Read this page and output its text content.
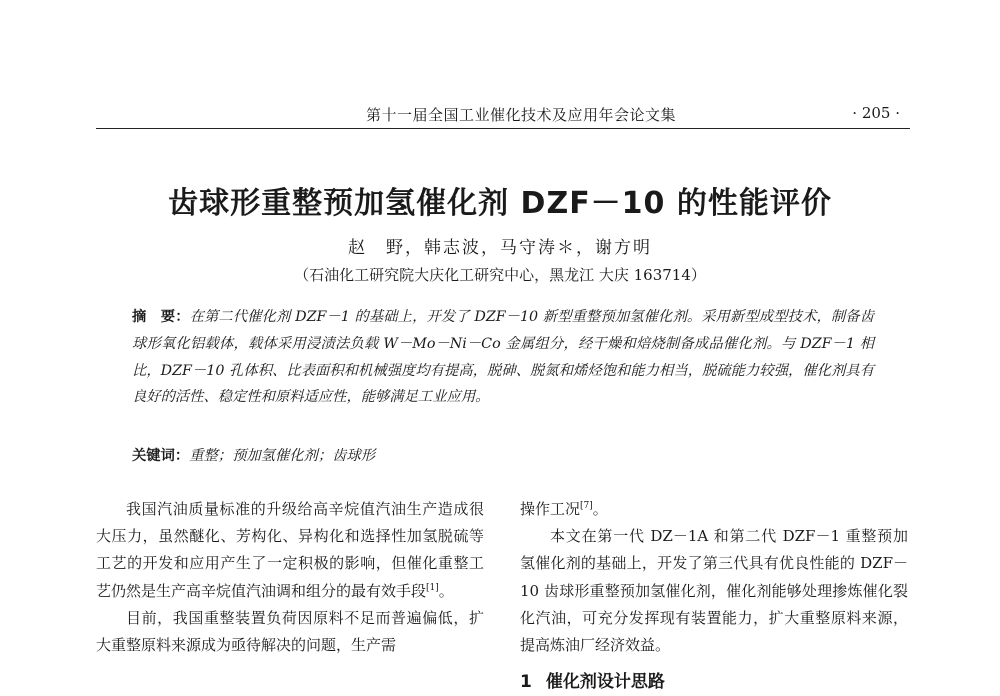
第十一届全国工业催化技术及应用年会论文集	· 205 ·
齿球形重整预加氢催化剂 DZF－10 的性能评价
赵　野，韩志波，马守涛＊，谢方明
（石油化工研究院大庆化工研究中心，黑龙江 大庆 163714）
摘　要：在第二代催化剂 DZF－1 的基础上，开发了 DZF－10 新型重整预加氢催化剂。采用新型成型技术，制备齿球形氧化铝载体，载体采用浸渍法负载 W－Mo－Ni－Co 金属组分，经干燥和焙烧制备成品催化剂。与 DZF－1 相比，DZF－10 孔体积、比表面积和机械强度均有提高，脱砷、脱氮和烯烃饱和能力相当，脱硫能力较强，催化剂具有良好的活性、稳定性和原料适应性，能够满足工业应用。
关键词：重整；预加氢催化剂；齿球形

我国汽油质量标准的升级给高辛烷值汽油生产造成很大压力，虽然醚化、芳构化、异构化和选择性加氢脱硫等工艺的开发和应用产生了一定积极的影响，但催化重整工艺仍然是生产高辛烷值汽油调和组分的最有效手段[1]。

目前，我国重整装置负荷因原料不足而普遍偏低，扩大重整原料来源成为亟待解决的问题，生产需

操作工况[7]。

本文在第一代 DZ－1A 和第二代 DZF－1 重整预加氢催化剂的基础上，开发了第三代具有优良性能的 DZF－10 齿球形重整预加氢催化剂，催化剂能够处理掺炼催化裂化汽油，可充分发挥现有装置能力，扩大重整原料来源，提高炼油厂经济效益。

1 催化剂设计思路
